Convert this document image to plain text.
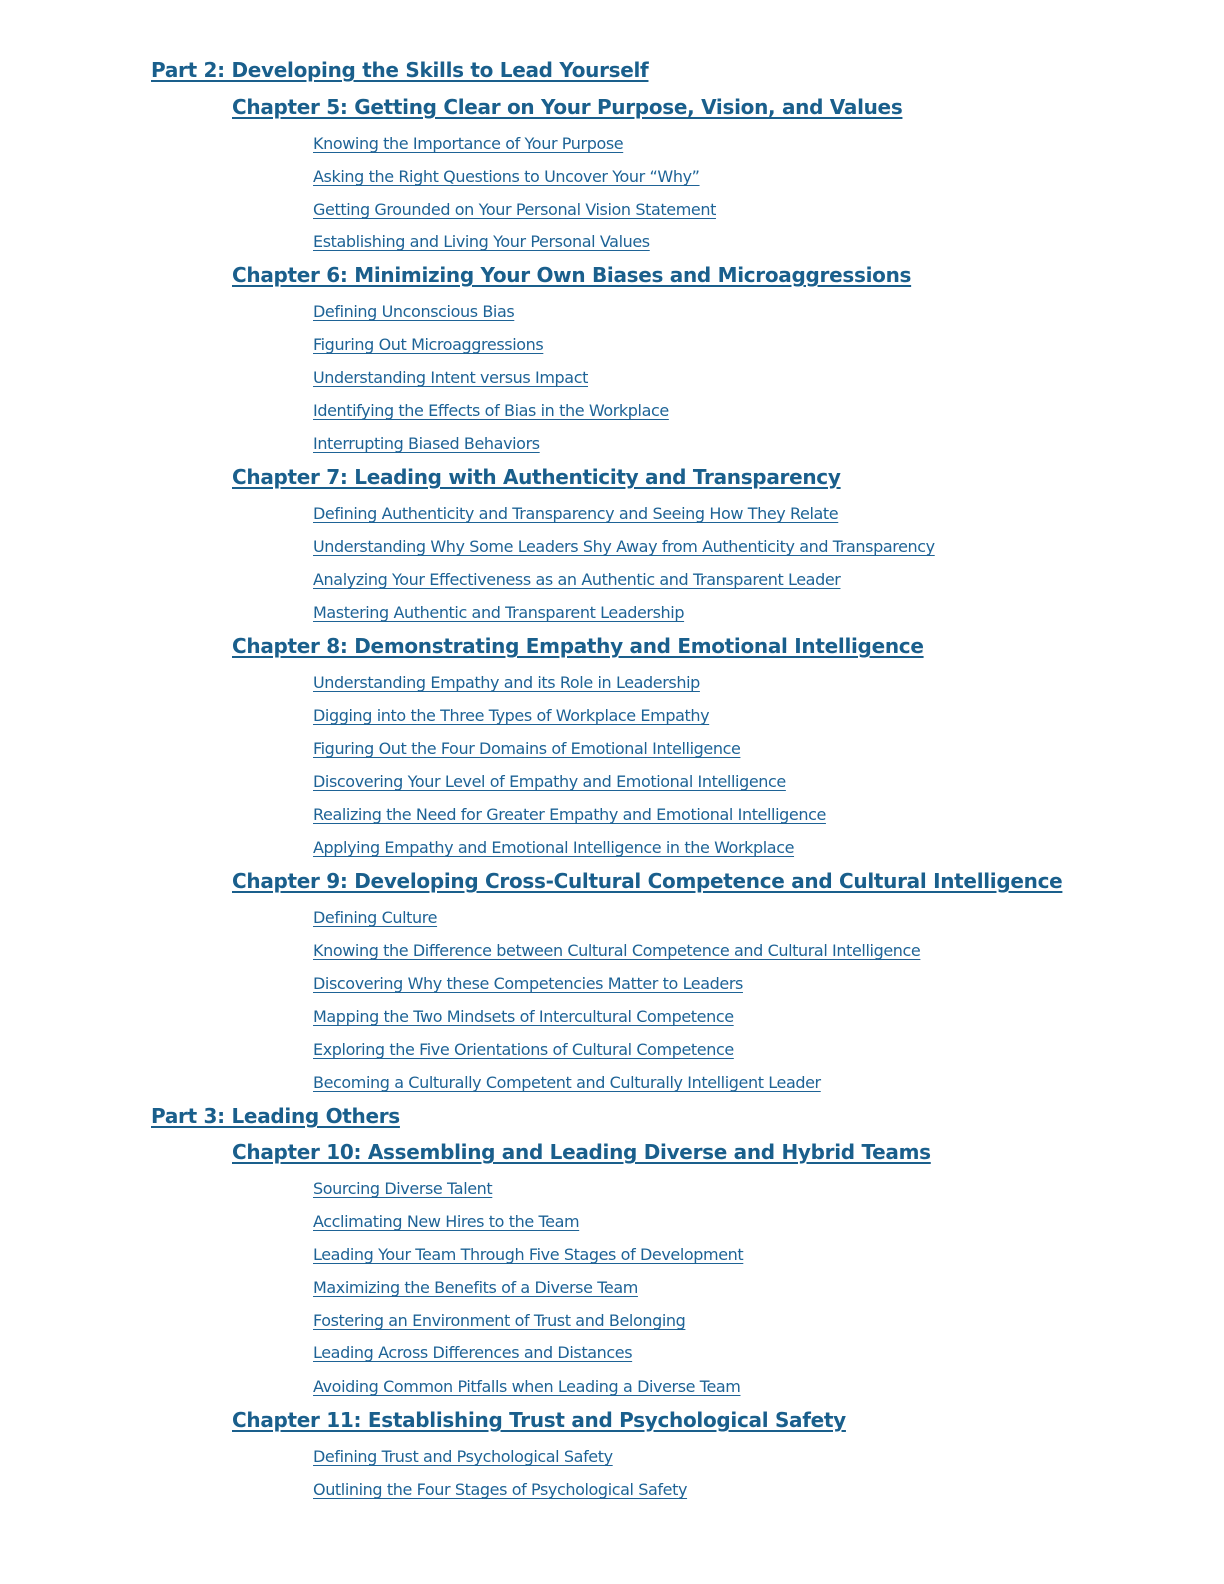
Part 2: Developing the Skills to Lead Yourself
Chapter 5: Getting Clear on Your Purpose, Vision, and Values
Knowing the Importance of Your Purpose
Asking the Right Questions to Uncover Your “Why”
Getting Grounded on Your Personal Vision Statement
Establishing and Living Your Personal Values
Chapter 6: Minimizing Your Own Biases and Microaggressions
Defining Unconscious Bias
Figuring Out Microaggressions
Understanding Intent versus Impact
Identifying the Effects of Bias in the Workplace
Interrupting Biased Behaviors
Chapter 7: Leading with Authenticity and Transparency
Defining Authenticity and Transparency and Seeing How They Relate
Understanding Why Some Leaders Shy Away from Authenticity and Transparency
Analyzing Your Effectiveness as an Authentic and Transparent Leader
Mastering Authentic and Transparent Leadership
Chapter 8: Demonstrating Empathy and Emotional Intelligence
Understanding Empathy and its Role in Leadership
Digging into the Three Types of Workplace Empathy
Figuring Out the Four Domains of Emotional Intelligence
Discovering Your Level of Empathy and Emotional Intelligence
Realizing the Need for Greater Empathy and Emotional Intelligence
Applying Empathy and Emotional Intelligence in the Workplace
Chapter 9: Developing Cross-Cultural Competence and Cultural Intelligence
Defining Culture
Knowing the Difference between Cultural Competence and Cultural Intelligence
Discovering Why these Competencies Matter to Leaders
Mapping the Two Mindsets of Intercultural Competence
Exploring the Five Orientations of Cultural Competence
Becoming a Culturally Competent and Culturally Intelligent Leader
Part 3: Leading Others
Chapter 10: Assembling and Leading Diverse and Hybrid Teams
Sourcing Diverse Talent
Acclimating New Hires to the Team
Leading Your Team Through Five Stages of Development
Maximizing the Benefits of a Diverse Team
Fostering an Environment of Trust and Belonging
Leading Across Differences and Distances
Avoiding Common Pitfalls when Leading a Diverse Team
Chapter 11: Establishing Trust and Psychological Safety
Defining Trust and Psychological Safety
Outlining the Four Stages of Psychological Safety
